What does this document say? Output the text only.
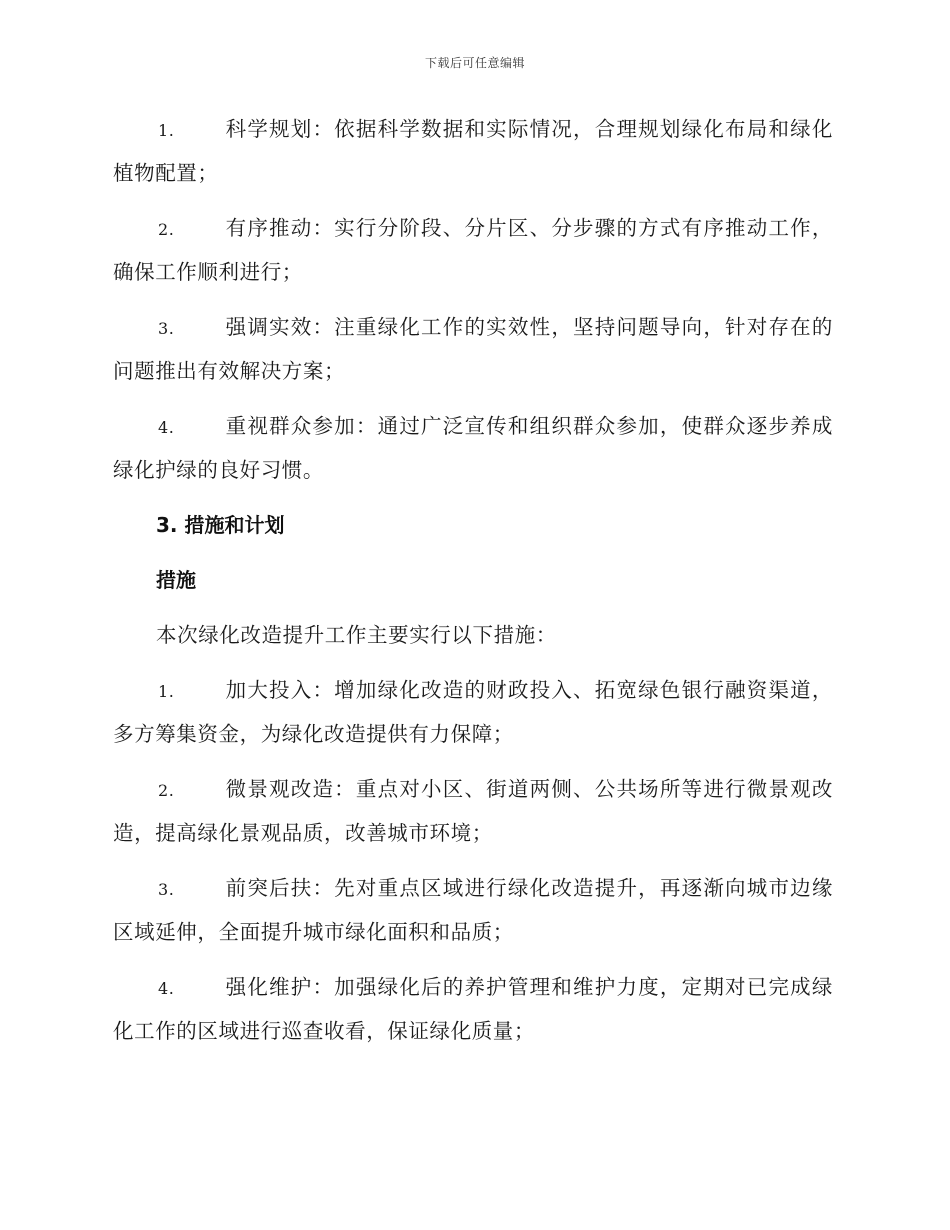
下载后可任意编辑
1. 科学规划：依据科学数据和实际情况，合理规划绿化布局和绿化植物配置；
2. 有序推动：实行分阶段、分片区、分步骤的方式有序推动工作，确保工作顺利进行；
3. 强调实效：注重绿化工作的实效性，坚持问题导向，针对存在的问题推出有效解决方案；
4. 重视群众参加：通过广泛宣传和组织群众参加，使群众逐步养成绿化护绿的良好习惯。
3. 措施和计划
措施
本次绿化改造提升工作主要实行以下措施：
1. 加大投入：增加绿化改造的财政投入、拓宽绿色银行融资渠道，多方筹集资金，为绿化改造提供有力保障；
2. 微景观改造：重点对小区、街道两侧、公共场所等进行微景观改造，提高绿化景观品质，改善城市环境；
3. 前突后扶：先对重点区域进行绿化改造提升，再逐渐向城市边缘区域延伸，全面提升城市绿化面积和品质；
4. 强化维护：加强绿化后的养护管理和维护力度，定期对已完成绿化工作的区域进行巡查收看，保证绿化质量；
